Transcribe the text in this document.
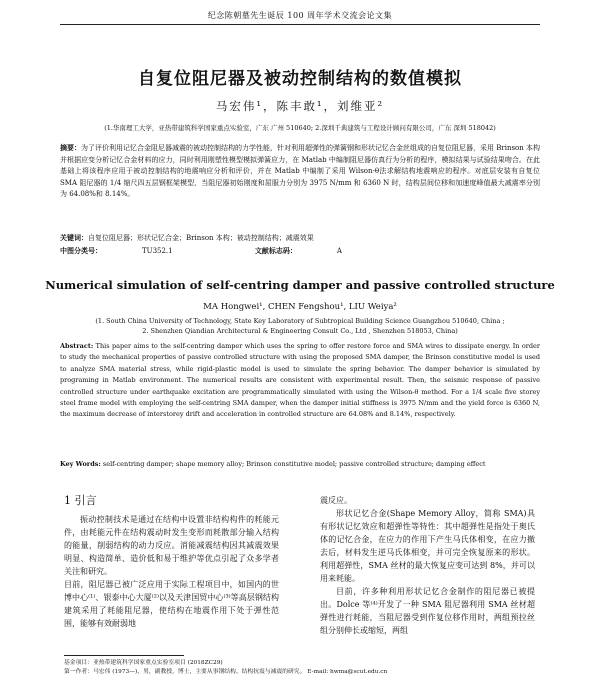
纪念陈朝墓先生诞辰 100 周年学术交流会论文集
自复位阻尼器及被动控制结构的数值模拟
马宏伟¹，陈丰敢¹，刘维亚²
(1.华南理工大学，亚热带建筑科学国家重点实验室，广东 广州 510640; 2.深圳千典建筑与工程设计顾问有限公司，广东 深圳 518042)
摘要：为了评价利用记忆合金阻尼器减震的被动控制结构的力学性能，针对利用超弹性的弹簧钢和形状记忆合金丝组成的自复位阻尼器，采用 Brinson 本构并根据应变分析记忆合金材料的应力，同时利用刚塑性模型模拟弹簧应力，在 Matlab 中编制阻尼器仿真行为分析的程序，模拟结果与试验结果吻合。在此基础上将该程序应用于被动控制结构的地震响应分析和评价，并在 Matlab 中编制了采用 Wilson-θ法求解结构地震响应的程序。对底层安装有自复位 SMA 阻尼器的 1/4 缩尺四五层钢框架模型，当阻尼器初始刚度和屈服力分别为 3975 N/mm 和 6360 N 时，结构层间位移和加速度峰值最大减震率分别为 64.08%和 8.14%。
关键词：自复位阻尼器；形状记忆合金；Brinson 本构；被动控制结构；减震效果
中图分类号：	TU352.1	文献标志码：	A
Numerical simulation of self-centring damper and passive controlled structure
MA Hongwei¹, CHEN Fengshou¹, LIU Weiya²
(1. South China University of Technology, State Key Laboratory of Subtropical Building Science Guangzhou 510640, China ;
2. Shenzhen Qiandian Architectural & Engineering Consult Co., Ltd , Shenzhen 518053, China)
Abstract: This paper aims to the self-centring damper which uses the spring to offer restore force and SMA wires to dissipate energy. In order to study the mechanical properties of passive controlled structure with using the proposed SMA damper, the Brinson constitutive model is used to analyze SMA material stress, while rigid-plastic model is used to simulate the spring behavior. The damper behavior is simulated by programing in Matlab environment. The numerical results are consistent with experimental result. Then, the seismic response of passive controlled structure under earthquake excitation are programmatically simulated with using the Wilson-θ method. For a 1/4 scale five storey steel frame model with employing the self-centring SMA damper, when the damper initial stiffness is 3975 N/mm and the yield force is 6360 N, the maximum decrease of interstorey drift and acceleration in controlled structure are 64.08% and 8.14%, respectively.
Key Words: self-centring damper; shape memory alloy; Brinson constitutive model; passive controlled structure; damping effect
1 引言

振动控制技术是通过在结构中设置非结构构件的耗能元件，由耗能元件在结构震动时发生变形而耗散部分输入结构的能量，削弱结构的动力反应。消能减震结构因其减震效果明显、构造简单、造价低和易于维护等优点引起了众多学者关注和研究。

目前，阻尼器已被广泛应用于实际工程项目中，如国内的世博中心⁽¹⁾、银泰中心大厦⁽²⁾以及天津国贸中心⁽³⁾等高层钢结构建筑采用了耗能阻尼器，使结构在地震作用下处于弹性范围，能够有效耐弱地

震反应。

形状记忆合金(Shape Memory Alloy，简称 SMA)具有形状记忆效应和超弹性等特性：其中超弹性是指处于奥氏体的记忆合金，在应力的作用下产生马氏体相变，在应力撤去后，材料发生逆马氏体相变，并可完全恢复原来的形状。利用超弹性，SMA 丝材的最大恢复应变可达到 8%，并可以用来耗能。

目前，许多种利用形状记忆合金制作的阻尼器已被提出。Dolce 等⁽⁴⁾开发了一种 SMA 阻尼器利用 SMA 丝材超弹性进行耗能，当阻尼器受到作复位移作用时，两组预拉丝组分别伸长或缩短，两组

基金项目：亚热带建筑科学国家重点实验室项目 (2018ZC29)
第一作者：马宏伟 (1973—)，男，副教授，博士，主要从事钢结构、结构抗震与减震的研究。 E-mail: hwma@scut.edu.cn
